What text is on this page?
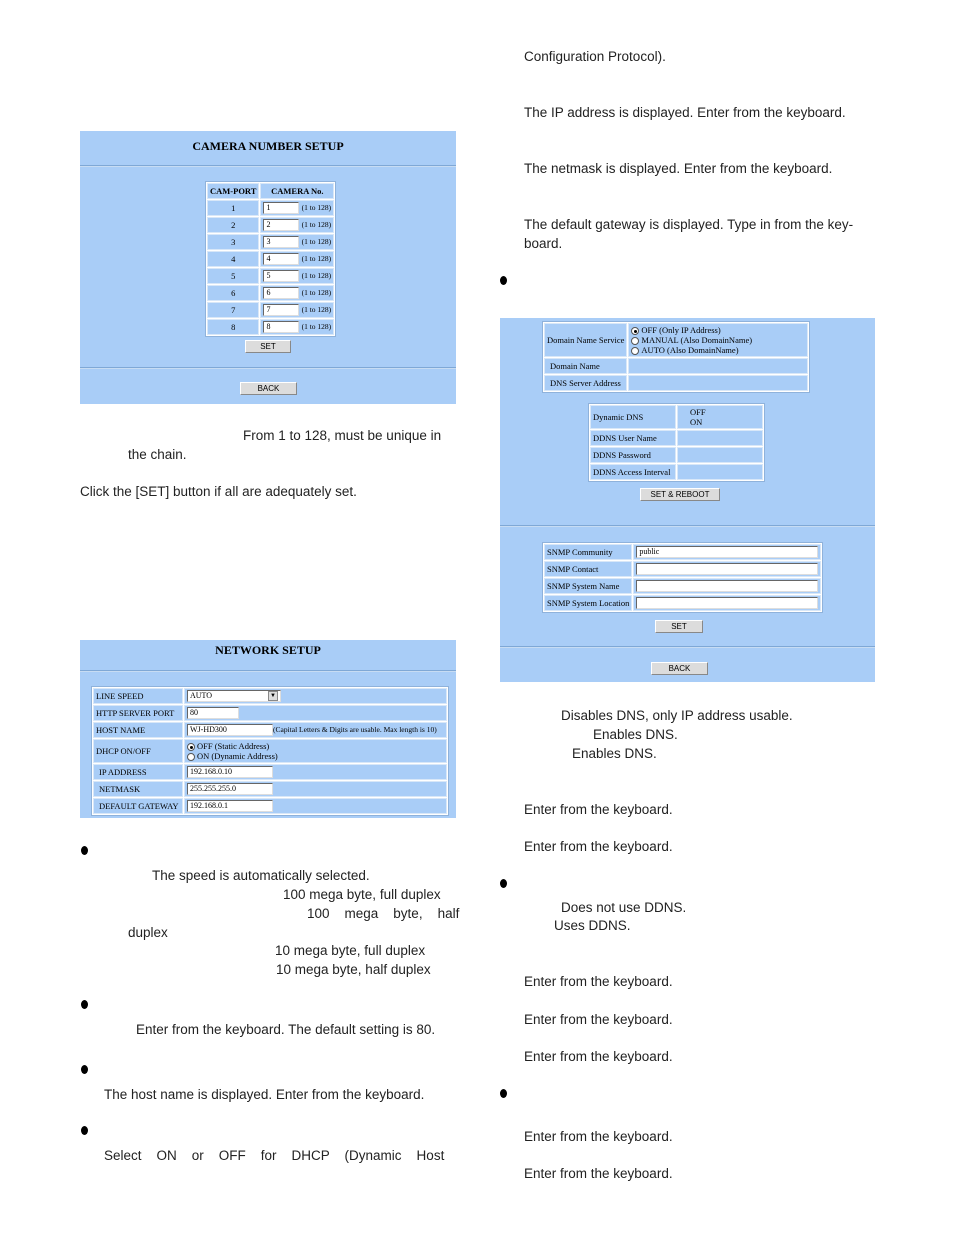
CAMERA NUMBER SETUP
CAM-PORT	CAMERA No.
1	1 (1 to 128)
2	2 (1 to 128)
3	3 (1 to 128)
4	4 (1 to 128)
5	5 (1 to 128)
6	6 (1 to 128)
7	7 (1 to 128)
8	8 (1 to 128)
SET
BACK
From 1 to 128, must be unique in
the chain.
Click the [SET] button if all are adequately set.
NETWORK SETUP
LINE SPEED	AUTO ▼

HTTP SERVER PORT	80
HOST NAME	WJ-HD300 (Capital Letters & Digits are usable. Max length is 10)
DHCP ON/OFF	OFF (Static Address)
ON (Dynamic Address)
IP ADDRESS	192.168.0.10
NETMASK	255.255.255.0
DEFAULT GATEWAY	192.168.0.1
The speed is automatically selected.
100 mega byte, full duplex
100    mega    byte,    half
duplex
10 mega byte, full duplex
10 mega byte, half duplex
Enter from the keyboard. The default setting is 80.
The host name is displayed. Enter from the keyboard.
Select    ON    or    OFF    for    DHCP    (Dynamic    Host
Configuration Protocol).
The IP address is displayed. Enter from the keyboard.
The netmask is displayed. Enter from the keyboard.
The default gateway is displayed. Type in from the key-
board.
Domain Name Service	OFF (Only IP Address)
MANUAL (Also DomainName)
AUTO (Also DomainName)
Domain Name	
DNS Server Address	
Dynamic DNS	OFF
ON
DDNS User Name	
DDNS Password	
DDNS Access Interval	
SET & REBOOT
SNMP Community	public
SNMP Contact	
SNMP System Name	
SNMP System Location	
SET
BACK
Disables DNS, only IP address usable.
Enables DNS.
Enables DNS.
Enter from the keyboard.
Enter from the keyboard.
Does not use DDNS.
Uses DDNS.
Enter from the keyboard.
Enter from the keyboard.
Enter from the keyboard.
Enter from the keyboard.
Enter from the keyboard.
